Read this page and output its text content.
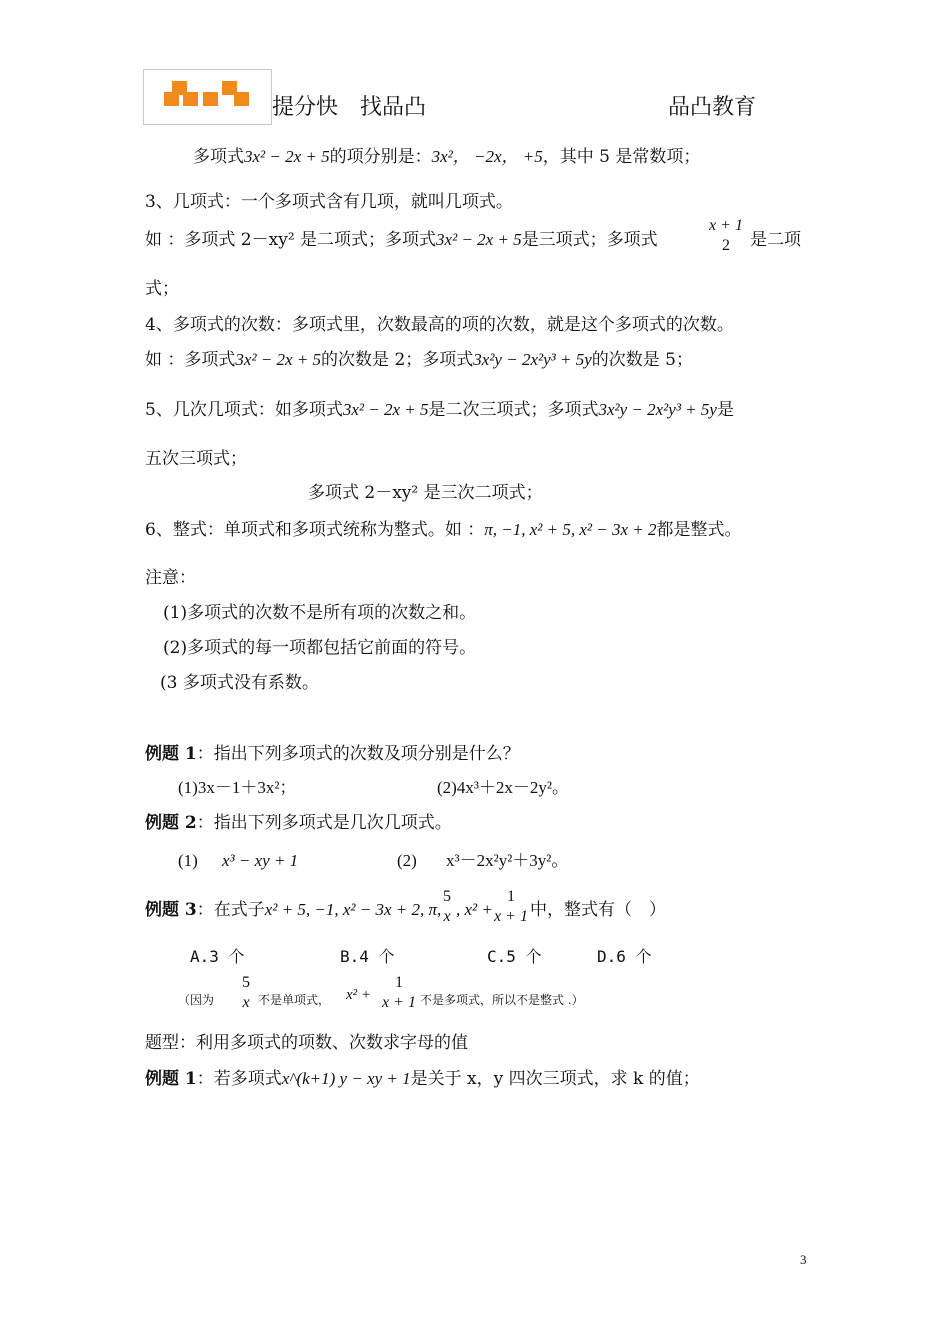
提分快　找品凸	品凸教育
多项式3x² − 2x + 5的项分别是：3x²， −2x， +5，其中 5 是常数项；
3、几项式：一个多项式含有几项，就叫几项式。
如 ：多项式 2－xy² 是二项式；多项式3x² − 2x + 5是三项式；多项式
x + 1
2	是二项
式；
4、多项式的次数：多项式里，次数最高的项的次数，就是这个多项式的次数。
如 ：多项式3x² − 2x + 5的次数是 2；多项式3x²y − 2x²y³ + 5y的次数是 5；
5、几次几项式：如多项式3x² − 2x + 5是二次三项式；多项式3x²y − 2x²y³ + 5y是
五次三项式；
多项式 2－xy² 是三次二项式；
6、整式：单项式和多项式统称为整式。如 ：π, −1, x² + 5, x² − 3x + 2都是整式。
注意：
(1)多项式的次数不是所有项的次数之和。
(2)多项式的每一项都包括它前面的符号。
(3 多项式没有系数。
例题 1：指出下列多项式的次数及项分别是什么？
(1)3x－1＋3x²；	(2)4x³＋2x－2y²。
例题 2：指出下列多项式是几次几项式。
(1) x³ − xy + 1	(2) x³－2x²y²＋3y²。
例题 3：在式子x² + 5, −1, x² − 3x + 2, π,
5
x , x² +
1
x + 1 中，整式有（　）
A.3 个	B.4 个	C.5 个	D.6 个
（因为
5
x 不是单项式， x² +
1
x + 1 不是多项式，所以不是整式 .）
题型：利用多项式的项数、次数求字母的值
例题 1：若多项式x^(k+1) y − xy + 1是关于 x，y 四次三项式，求 k 的值；
3
